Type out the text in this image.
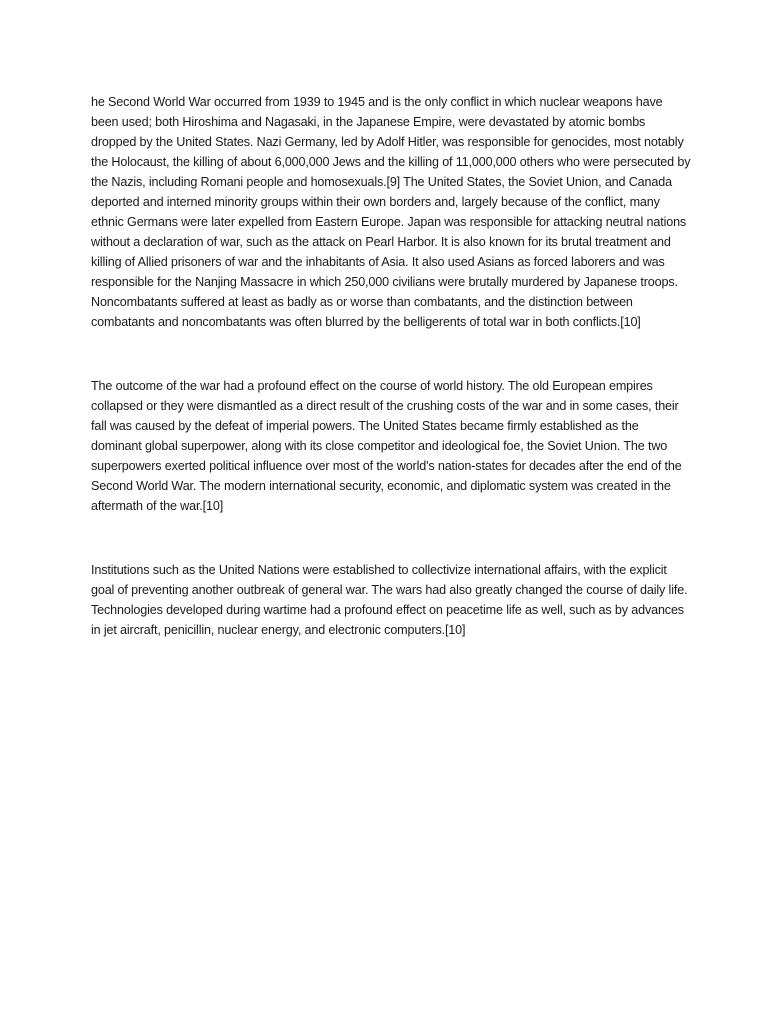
he Second World War occurred from 1939 to 1945 and is the only conflict in which nuclear weapons have been used; both Hiroshima and Nagasaki, in the Japanese Empire, were devastated by atomic bombs dropped by the United States. Nazi Germany, led by Adolf Hitler, was responsible for genocides, most notably the Holocaust, the killing of about 6,000,000 Jews and the killing of 11,000,000 others who were persecuted by the Nazis, including Romani people and homosexuals.[9] The United States, the Soviet Union, and Canada deported and interned minority groups within their own borders and, largely because of the conflict, many ethnic Germans were later expelled from Eastern Europe. Japan was responsible for attacking neutral nations without a declaration of war, such as the attack on Pearl Harbor. It is also known for its brutal treatment and killing of Allied prisoners of war and the inhabitants of Asia. It also used Asians as forced laborers and was responsible for the Nanjing Massacre in which 250,000 civilians were brutally murdered by Japanese troops. Noncombatants suffered at least as badly as or worse than combatants, and the distinction between combatants and noncombatants was often blurred by the belligerents of total war in both conflicts.[10]

The outcome of the war had a profound effect on the course of world history. The old European empires collapsed or they were dismantled as a direct result of the crushing costs of the war and in some cases, their fall was caused by the defeat of imperial powers. The United States became firmly established as the dominant global superpower, along with its close competitor and ideological foe, the Soviet Union. The two superpowers exerted political influence over most of the world's nation-states for decades after the end of the Second World War. The modern international security, economic, and diplomatic system was created in the aftermath of the war.[10]

Institutions such as the United Nations were established to collectivize international affairs, with the explicit goal of preventing another outbreak of general war. The wars had also greatly changed the course of daily life. Technologies developed during wartime had a profound effect on peacetime life as well, such as by advances in jet aircraft, penicillin, nuclear energy, and electronic computers.[10]
